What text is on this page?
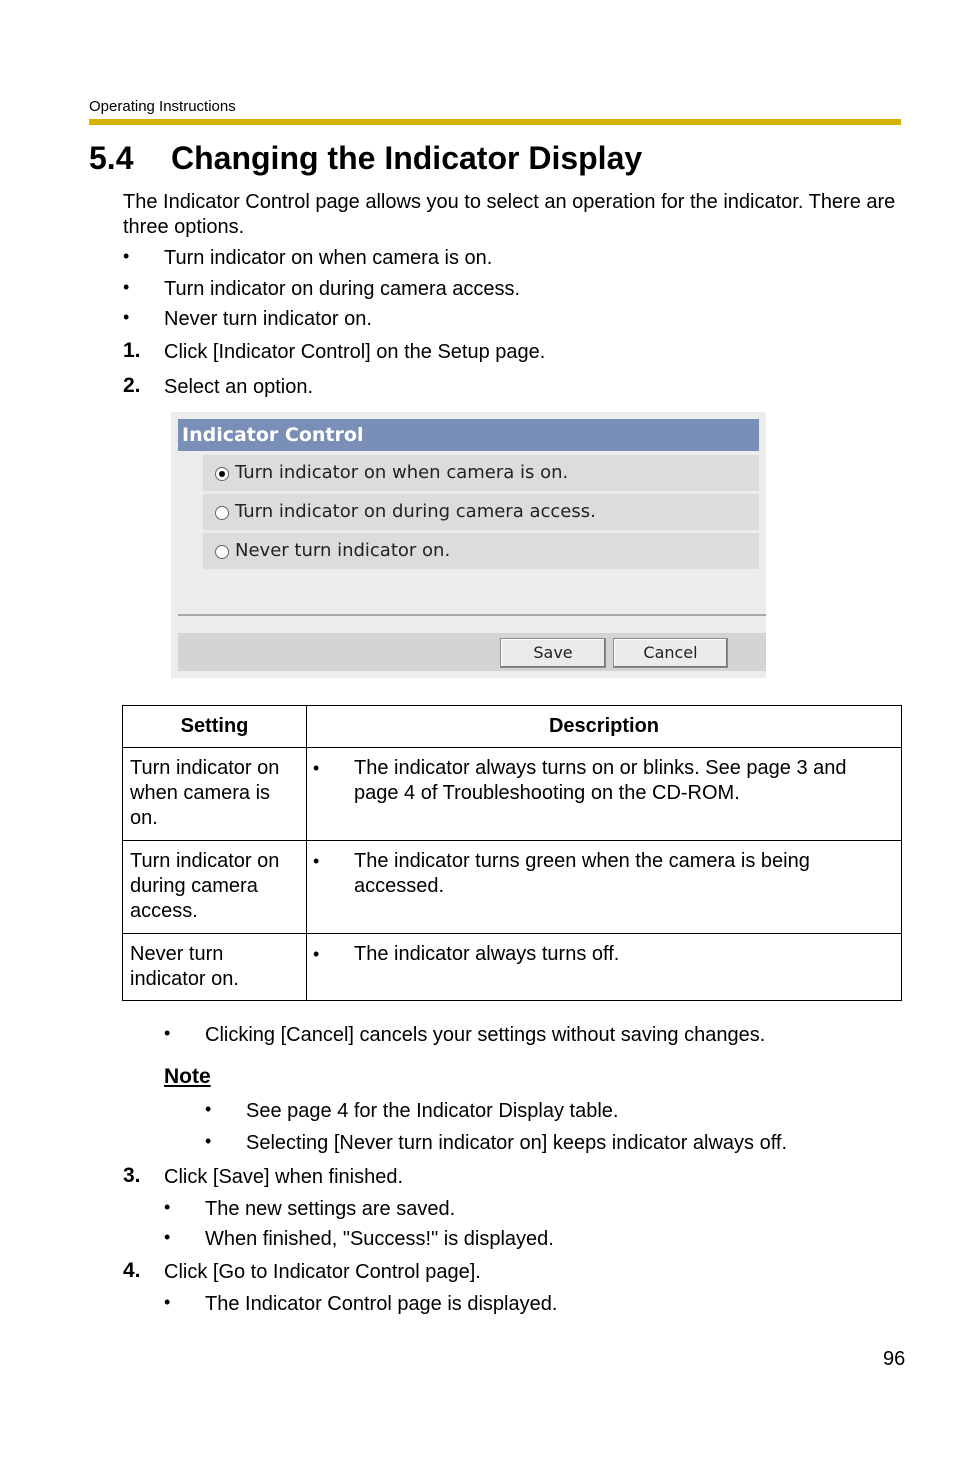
Operating Instructions
5.4 Changing the Indicator Display
The Indicator Control page allows you to select an operation for the indicator. There are three options.
• Turn indicator on when camera is on.
• Turn indicator on during camera access.
• Never turn indicator on.
1. Click [Indicator Control] on the Setup page.
2. Select an option.
Indicator Control
Turn indicator on when camera is on.
Turn indicator on during camera access.
Never turn indicator on.
Save	Cancel
Setting	Description
Turn indicator on when camera is on.	• The indicator always turns on or blinks. See page 3 and page 4 of Troubleshooting on the CD-ROM.
Turn indicator on during camera access.	• The indicator turns green when the camera is being accessed.
Never turn indicator on.	• The indicator always turns off.
• Clicking [Cancel] cancels your settings without saving changes.
Note
• See page 4 for the Indicator Display table.
• Selecting [Never turn indicator on] keeps indicator always off.
3. Click [Save] when finished.
• The new settings are saved.
• When finished, "Success!" is displayed.
4. Click [Go to Indicator Control page].
• The Indicator Control page is displayed.
96
